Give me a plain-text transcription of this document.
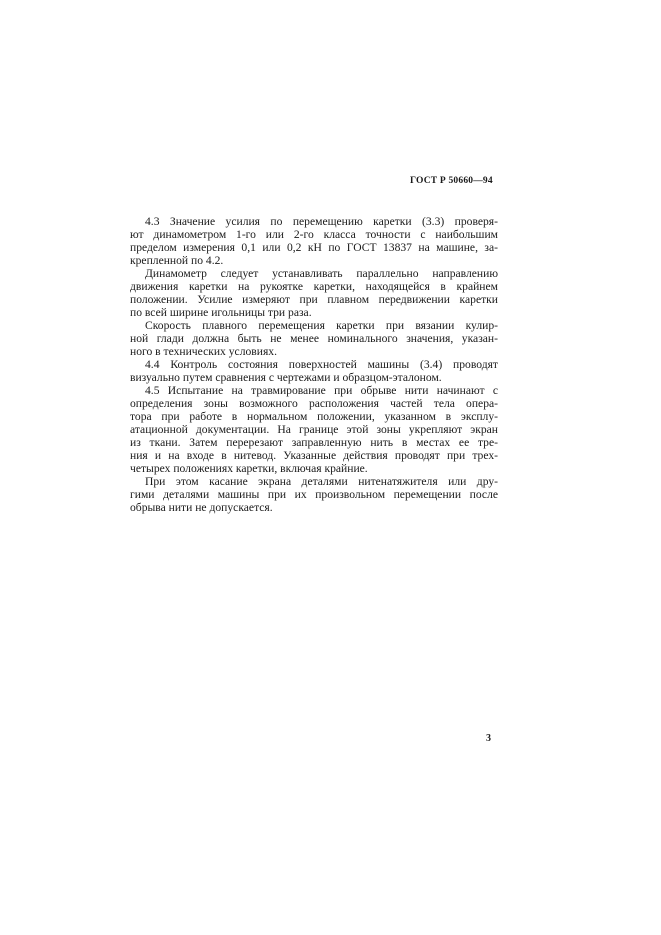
ГОСТ Р 50660—94
4.3 Значение усилия по перемещению каретки (3.3) проверя-
ют динамометром 1-го или 2-го класса точности с наибольшим
пределом измерения 0,1 или 0,2 кН по ГОСТ 13837 на машине, за-
крепленной по 4.2.
Динамометр следует устанавливать параллельно направлению
движения каретки на рукоятке каретки, находящейся в крайнем
положении. Усилие измеряют при плавном передвижении каретки
по всей ширине игольницы три раза.
Скорость плавного перемещения каретки при вязании кулир-
ной глади должна быть не менее номинального значения, указан-
ного в технических условиях.
4.4 Контроль состояния поверхностей машины (3.4) проводят
визуально путем сравнения с чертежами и образцом-эталоном.
4.5 Испытание на травмирование при обрыве нити начинают с
определения зоны возможного расположения частей тела опера-
тора при работе в нормальном положении, указанном в эксплу-
атационной документации. На границе этой зоны укрепляют экран
из ткани. Затем перерезают заправленную нить в местах ее тре-
ния и на входе в нитевод. Указанные действия проводят при трех-
четырех положениях каретки, включая крайние.
При этом касание экрана деталями нитенатяжителя или дру-
гими деталями машины при их произвольном перемещении после
обрыва нити не допускается.
3
